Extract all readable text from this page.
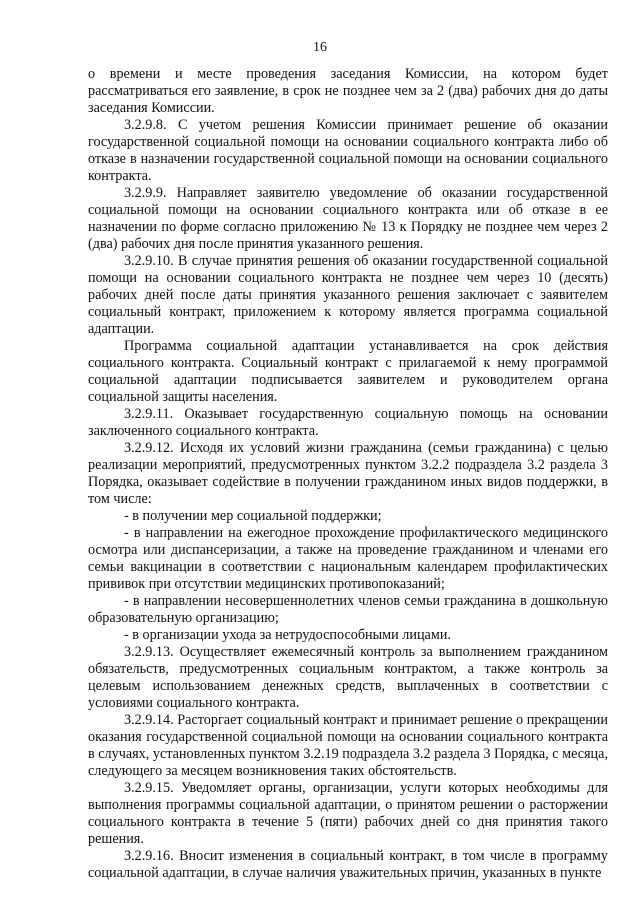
16

о времени и месте проведения заседания Комиссии, на котором будет рассматриваться его заявление, в срок не позднее чем за 2 (два) рабочих дня до даты заседания Комиссии.

3.2.9.8. С учетом решения Комиссии принимает решение об оказании государственной социальной помощи на основании социального контракта либо об отказе в назначении государственной социальной помощи на основании социального контракта.

3.2.9.9. Направляет заявителю уведомление об оказании государственной социальной помощи на основании социального контракта или об отказе в ее назначении по форме согласно приложению № 13 к Порядку не позднее чем через 2 (два) рабочих дня после принятия указанного решения.

3.2.9.10. В случае принятия решения об оказании государственной социальной помощи на основании социального контракта не позднее чем через 10 (десять) рабочих дней после даты принятия указанного решения заключает с заявителем социальный контракт, приложением к которому является программа социальной адаптации.

Программа социальной адаптации устанавливается на срок действия социального контракта. Социальный контракт с прилагаемой к нему программой социальной адаптации подписывается заявителем и руководителем органа социальной защиты населения.

3.2.9.11. Оказывает государственную социальную помощь на основании заключенного социального контракта.

3.2.9.12. Исходя их условий жизни гражданина (семьи гражданина) с целью реализации мероприятий, предусмотренных пунктом 3.2.2 подраздела 3.2 раздела 3 Порядка, оказывает содействие в получении гражданином иных видов поддержки, в том числе:

- в получении мер социальной поддержки;

- в направлении на ежегодное прохождение профилактического медицинского осмотра или диспансеризации, а также на проведение гражданином и членами его семьи вакцинации в соответствии с национальным календарем профилактических прививок при отсутствии медицинских противопоказаний;

- в направлении несовершеннолетних членов семьи гражданина в дошкольную образовательную организацию;

- в организации ухода за нетрудоспособными лицами.

3.2.9.13. Осуществляет ежемесячный контроль за выполнением гражданином обязательств, предусмотренных социальным контрактом, а также контроль за целевым использованием денежных средств, выплаченных в соответствии с условиями социального контракта.

3.2.9.14. Расторгает социальный контракт и принимает решение о прекращении оказания государственной социальной помощи на основании социального контракта в случаях, установленных пунктом 3.2.19 подраздела 3.2 раздела 3 Порядка, с месяца, следующего за месяцем возникновения таких обстоятельств.

3.2.9.15. Уведомляет органы, организации, услуги которых необходимы для выполнения программы социальной адаптации, о принятом решении о расторжении социального контракта в течение 5 (пяти) рабочих дней со дня принятия такого решения.

3.2.9.16. Вносит изменения в социальный контракт, в том числе в программу социальной адаптации, в случае наличия уважительных причин, указанных в пункте
